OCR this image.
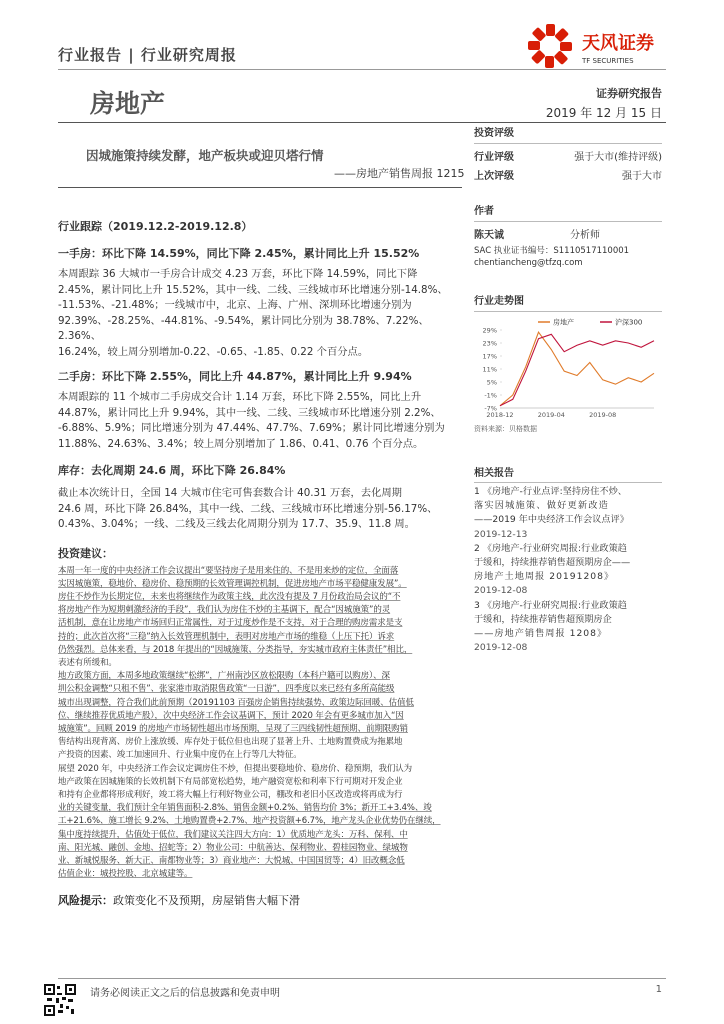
行业报告 | 行业研究周报
天风证券
TF SECURITIES
房地产	证券研究报告
2019 年 12 月 15 日
因城施策持续发酵，地产板块或迎贝塔行情
——房地产销售周报 1215
行业跟踪（2019.12.2-2019.12.8）
一手房：环比下降 14.59%，同比下降 2.45%，累计同比上升 15.52%
本周跟踪 36 大城市一手房合计成交 4.23 万套，环比下降 14.59%，同比下降
2.45%，累计同比上升 15.52%，其中一线、二线、三线城市环比增速分别-14.8%、
-11.53%、-21.48%；一线城市中，北京、上海、广州、深圳环比增速分别为
92.39%、-28.25%、-44.81%、-9.54%，累计同比分别为 38.78%、7.22%、2.36%、
16.24%，较上周分别增加-0.22、-0.65、-1.85、0.22 个百分点。
二手房：环比下降 2.55%，同比上升 44.87%，累计同比上升 9.94%
本周跟踪的 11 个城市二手房成交合计 1.14 万套，环比下降 2.55%，同比上升
44.87%，累计同比上升 9.94%，其中一线、二线、三线城市环比增速分别 2.2%、
-6.88%、5.9%；同比增速分别为 47.44%、47.7%、7.69%；累计同比增速分别为
11.88%、24.63%、3.4%；较上周分别增加了 1.86、0.41、0.76 个百分点。
库存：去化周期 24.6 周，环比下降 26.84%
截止本次统计日，全国 14 大城市住宅可售套数合计 40.31 万套，去化周期
24.6 周，环比下降 26.84%，其中一线、二线、三线城市环比增速分别-56.17%、
0.43%、3.04%；一线、二线及三线去化周期分别为 17.7、35.9、11.8 周。
投资建议：
本周一年一度的中央经济工作会议提出“要坚持房子是用来住的、不是用来炒的定位，全面落
实因城施策，稳地价、稳房价、稳预期的长效管理调控机制，促进房地产市场平稳健康发展”。
房住不炒作为长期定位，未来也将继续作为政策主线，此次没有提及 7 月份政治局会议的“不
将房地产作为短期刺激经济的手段”，我们认为房住不炒的主基调下，配合“因城施策”的灵
活机制，意在让房地产市场回归正常属性，对于过度炒作是不支持，对于合理的购房需求是支
持的；此次首次将“三稳”纳入长效管理机制中，表明对房地产市场的维稳（上压下托）诉求
仍然强烈。总体来看，与 2018 年提出的“因城施策、分类指导，夯实城市政府主体责任”相比，
表述有所缓和。
地方政策方面，本周多地政策继续“松绑”，广州南沙区放松限购（本科户籍可以购房）、深
圳公积金调整“只租不售”、张家港市取消限售政策“一日游”，四季度以来已经有多所高能级
城市出现调整，符合我们此前预期（20191103 百强房企销售持续强势、政策边际回暖、估值低
位、继续推荐优质地产股），次中央经济工作会议基调下，预计 2020 年会有更多城市加入“因
城施策”。回顾 2019 的房地产市场韧性超出市场预期，呈现了三四线韧性超预期、前期限购销
售结构出现背离、房价上涨放缓、库存处于低位但也出现了显著上升、土地购置费成为拖累地
产投资的因素、竣工加速回升、行业集中度仍在上行等几大特征。
展望 2020 年，中央经济工作会议定调房住不炒，但提出要稳地价、稳房价、稳预期，我们认为
地产政策在因城施策的长效机制下有局部宽松趋势，地产融资宽松和利率下行可期对开发企业
和持有企业都将形成利好，竣工将大幅上行利好物业公司，棚改和老旧小区改造或将再成为行
业的关键变量，我们预计全年销售面积-2.8%、销售金额+0.2%、销售均价 3%；新开工+3.4%、竣
工+21.6%、施工增长 9.2%、土地购置费+2.7%、地产投资额+6.7%，地产龙头企业优势仍在继续，
集中度持续提升，估值处于低位，我们建议关注四大方向：1）优质地产龙头：万科、保利、中
南、阳光城、融创、金地、招蛇等；2）物业公司：中航善达、保利物业、碧桂园物业、绿城物
业、新城悦服务、新大正、南都物业等；3）商业地产：大悦城、中国国贸等；4）旧改概念低
估值企业：城投控股、北京城建等。
风险提示：政策变化不及预期，房屋销售大幅下滑
投资评级
行业评级	强于大市(维持评级)
上次评级	强于大市
作者
陈天诚	分析师
SAC 执业证书编号：S1110517110001
chentiancheng@tfzq.com
行业走势图
29%
23%
17%
11%
5%
-1%
-7%
2018-12	2019-04	2019-08
房地产	沪深300
资料来源：贝格数据
相关报告
1 《房地产-行业点评:坚持房住不炒、
落实因城施策、做好更新改造
——2019 年中央经济工作会议点评》
2019-12-13
2 《房地产-行业研究周报:行业政策趋
于缓和，持续推荐销售超预期房企——
房地产土地周报 20191208》
2019-12-08
3 《房地产-行业研究周报:行业政策趋
于缓和，持续推荐销售超预期房企
——房地产销售周报 1208》
2019-12-08
请务必阅读正文之后的信息披露和免责申明	1
